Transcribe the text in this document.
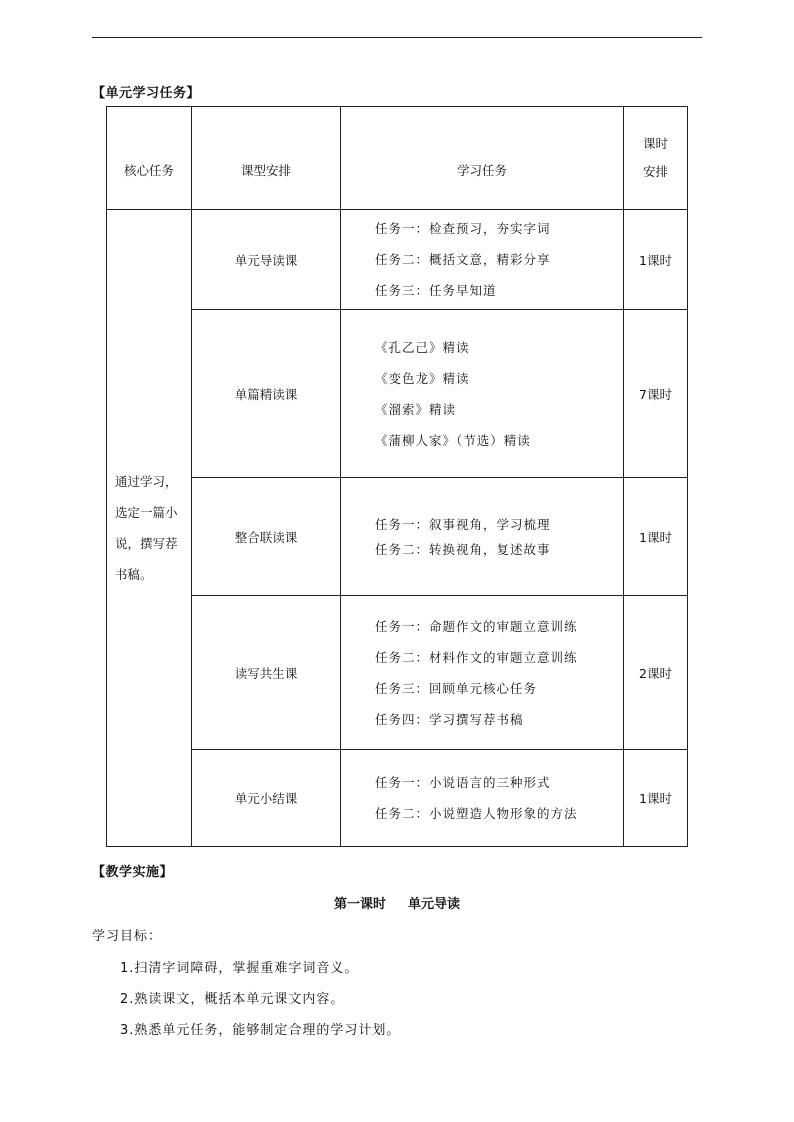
【单元学习任务】
核心任务	课型安排	学习任务	课时
安排

通过学习，选定一篇小说，撰写荐书稿。	单元导读课	任务一：检查预习，夯实字词
任务二：概括文意，精彩分享
任务三：任务早知道	1课时
	单篇精读课	《孔乙己》精读
《变色龙》精读
《溜索》精读
《蒲柳人家》（节选）精读	7课时
	整合联读课	任务一：叙事视角，学习梳理
任务二：转换视角，复述故事	1课时
	读写共生课	任务一：命题作文的审题立意训练
任务二：材料作文的审题立意训练
任务三：回顾单元核心任务
任务四：学习撰写荐书稿	2课时
	单元小结课	任务一：小说语言的三种形式
任务二：小说塑造人物形象的方法	1课时
【教学实施】
第一课时 单元导读
学习目标：
1.扫清字词障碍，掌握重难字词音义。
2.熟读课文，概括本单元课文内容。
3.熟悉单元任务，能够制定合理的学习计划。
